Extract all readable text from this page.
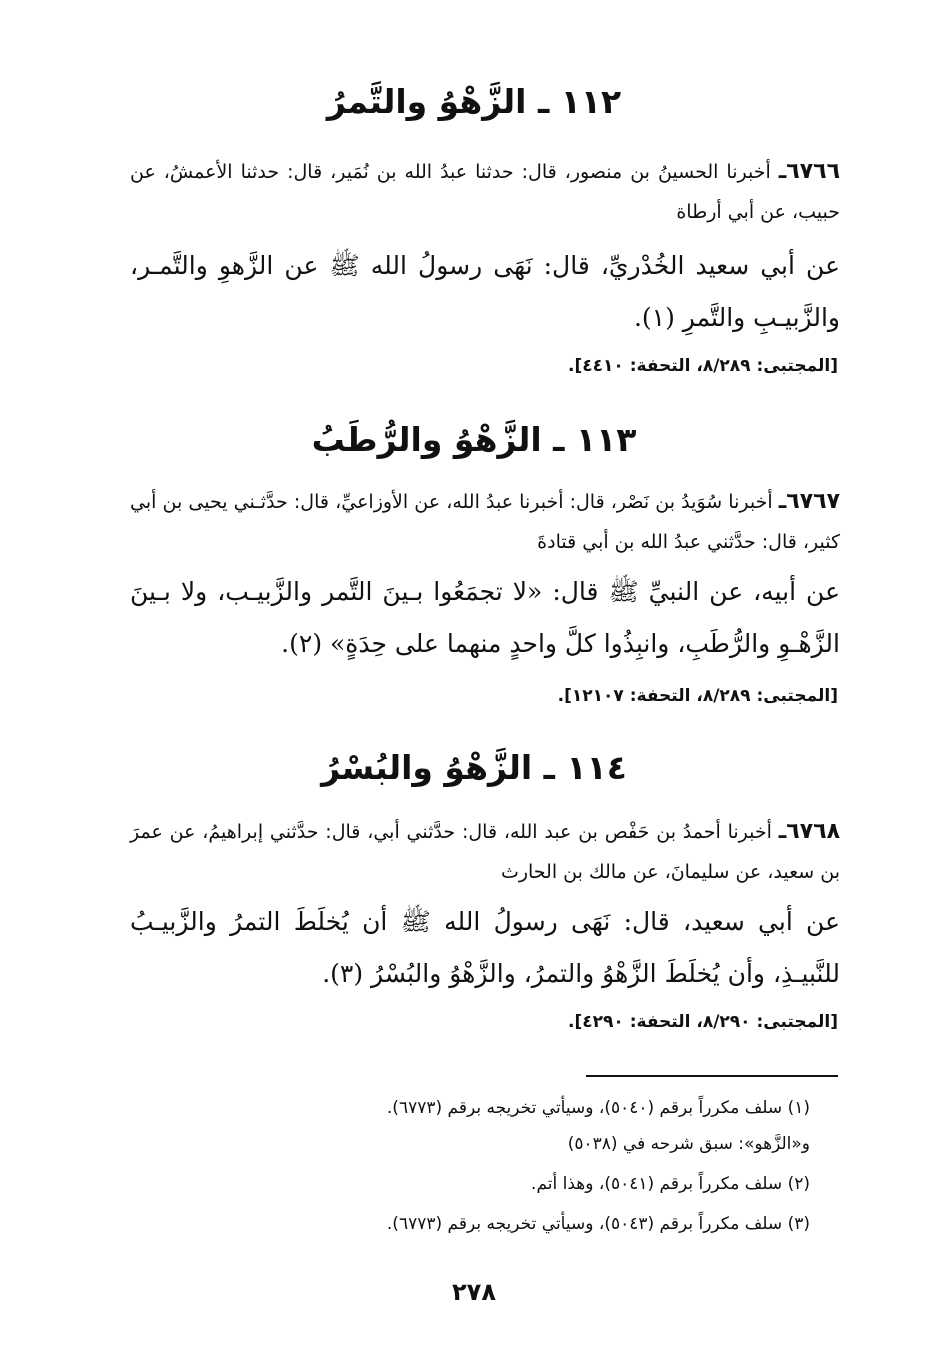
١١٢ ـ الزَّهْوُ والتَّمرُ
٦٧٦٦ـ أخبرنا الحسينُ بن منصور، قال: حدثنا عبدُ الله بن نُمَير، قال: حدثنا الأعمشُ، عن حبيب، عن أبي أرطاة
عن أبي سعيد الخُدْريِّ، قال: نَهَى رسولُ الله ﷺ عن الزَّهوِ والتَّمـر، والزَّبيـبِ والتَّمرِ (١).
[المجتبى: ٨/٢٨٩، التحفة: ٤٤١٠].
١١٣ ـ الزَّهْوُ والرُّطَبُ
٦٧٦٧ـ أخبرنا سُوَيدُ بن نَصْر، قال: أخبرنا عبدُ الله، عن الأوزاعيِّ، قال: حدَّثـني يحيى بن أبي كثير، قال: حدَّثني عبدُ الله بن أبي قتادةَ
عن أبيه، عن النبيِّ ﷺ قال: «لا تجمَعُوا بـينَ التَّمر والزَّبيـب، ولا بـينَ الزَّهْـوِ والرُّطَبِ، وانبِذُوا كلَّ واحدٍ منهما على حِدَةٍ» (٢).
[المجتبى: ٨/٢٨٩، التحفة: ١٢١٠٧].
١١٤ ـ الزَّهْوُ والبُسْرُ
٦٧٦٨ـ أخبرنا أحمدُ بن حَفْص بن عبد الله، قال: حدَّثني أبي، قال: حدَّثني إبراهيمُ، عن عمرَ بن سعيد، عن سليمانَ، عن مالك بن الحارث
عن أبي سعيد، قال: نَهَى رسولُ الله ﷺ أن يُخلَطَ التمرُ والزَّبيـبُ للنَّبيـذِ، وأن يُخلَطَ الزَّهْوُ والتمرُ، والزَّهْوُ والبُسْرُ (٣).
[المجتبى: ٨/٢٩٠، التحفة: ٤٢٩٠].
(١) سلف مكرراً برقم (٥٠٤٠)، وسيأتي تخريجه برقم (٦٧٧٣).
و«الزَّهو»: سبق شرحه في (٥٠٣٨)
(٢) سلف مكرراً برقم (٥٠٤١)، وهذا أتم.
(٣) سلف مكرراً برقم (٥٠٤٣)، وسيأتي تخريجه برقم (٦٧٧٣).
٢٧٨
